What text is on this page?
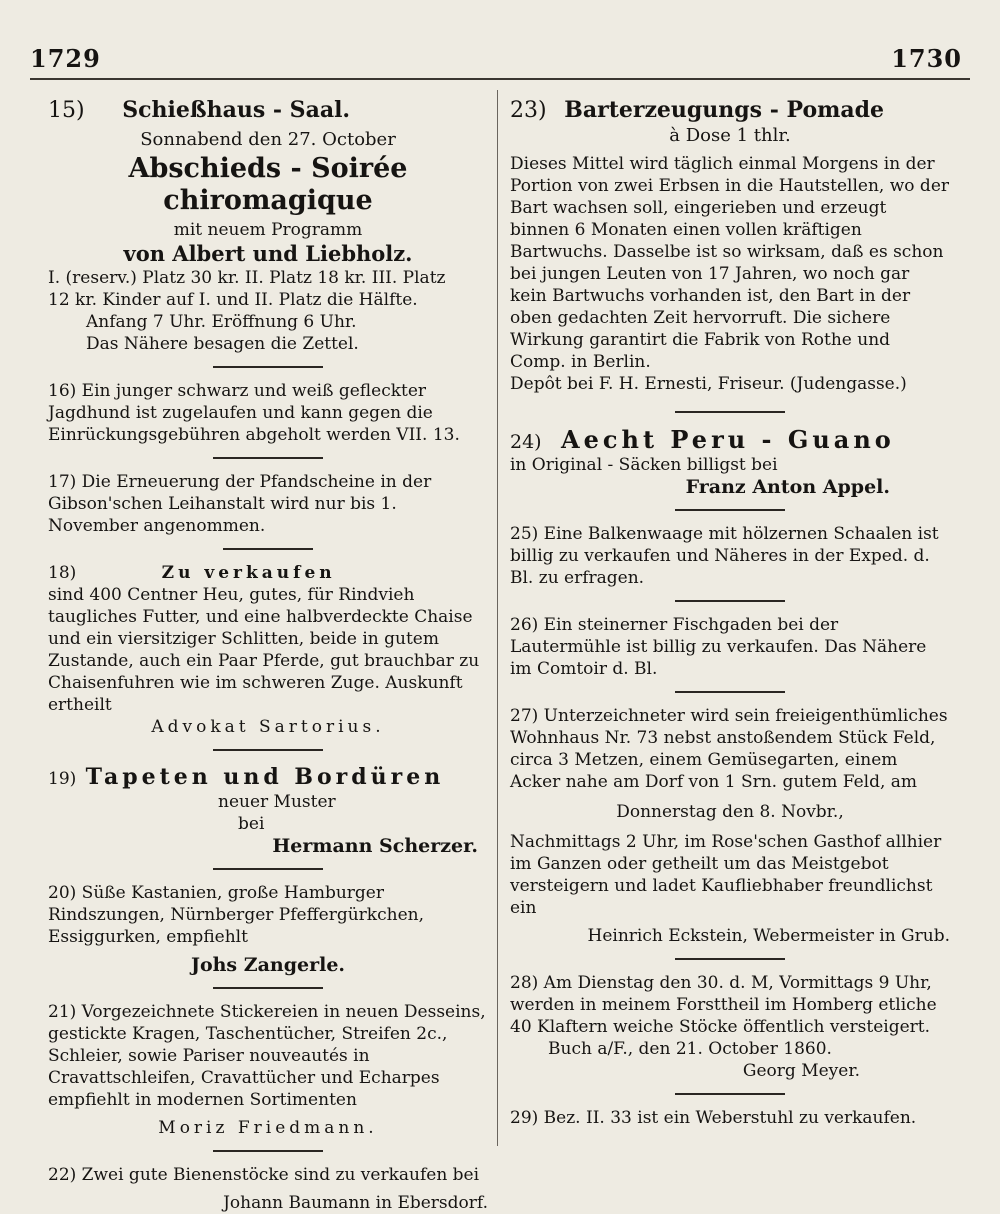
1729	1730

15) Schießhaus - Saal.

Sonnabend den 27. October

Abschieds - Soirée chiromagique

mit neuem Programm

von Albert und Liebholz.

I. (reserv.) Platz 30 kr. II. Platz 18 kr. III. Platz

12 kr. Kinder auf I. und II. Platz die Hälfte.

Anfang 7 Uhr. Eröffnung 6 Uhr.

Das Nähere besagen die Zettel.

16) Ein junger schwarz und weiß gefleckter Jagdhund ist zugelaufen und kann gegen die Einrückungsgebühren abgeholt werden VII. 13.

17) Die Erneuerung der Pfandscheine in der Gibson'schen Leihanstalt wird nur bis 1. November angenommen.

18)	Zu verkaufen

sind 400 Centner Heu, gutes, für Rindvieh taugliches Futter, und eine halbverdeckte Chaise und ein viersitziger Schlitten, beide in gutem Zustande, auch ein Paar Pferde, gut brauchbar zu Chaisenfuhren wie im schweren Zuge. Auskunft ertheilt

Advokat Sartorius.

19) Tapeten und Bordüren

neuer Muster

bei

Hermann Scherzer.

20) Süße Kastanien, große Hamburger Rindszungen, Nürnberger Pfeffergürkchen, Essiggurken, empfiehlt

Johs Zangerle.

21) Vorgezeichnete Stickereien in neuen Desseins, gestickte Kragen, Taschentücher, Streifen 2c., Schleier, sowie Pariser nouveautés in Cravattschleifen, Cravattücher und Echarpes empfiehlt in modernen Sortimenten

Moriz Friedmann.

22) Zwei gute Bienenstöcke sind zu verkaufen bei

Johann Baumann in Ebersdorf.

23) Barterzeugungs - Pomade

à Dose 1 thlr.

Dieses Mittel wird täglich einmal Morgens in der Portion von zwei Erbsen in die Hautstellen, wo der Bart wachsen soll, eingerieben und erzeugt binnen 6 Monaten einen vollen kräftigen Bartwuchs. Dasselbe ist so wirksam, daß es schon bei jungen Leuten von 17 Jahren, wo noch gar kein Bartwuchs vorhanden ist, den Bart in der oben gedachten Zeit hervorruft. Die sichere Wirkung garantirt die Fabrik von Rothe und Comp. in Berlin.

Depôt bei F. H. Ernesti, Friseur. (Judengasse.)

24) Aecht Peru - Guano

in Original - Säcken billigst bei

Franz Anton Appel.

25) Eine Balkenwaage mit hölzernen Schaalen ist billig zu verkaufen und Näheres in der Exped. d. Bl. zu erfragen.

26) Ein steinerner Fischgaden bei der Lautermühle ist billig zu verkaufen. Das Nähere im Comtoir d. Bl.

27) Unterzeichneter wird sein freieigenthümliches Wohnhaus Nr. 73 nebst anstoßendem Stück Feld, circa 3 Metzen, einem Gemüsegarten, einem Acker nahe am Dorf von 1 Srn. gutem Feld, am

Donnerstag den 8. Novbr.,

Nachmittags 2 Uhr, im Rose'schen Gasthof allhier im Ganzen oder getheilt um das Meistgebot versteigern und ladet Kaufliebhaber freundlichst ein

Heinrich Eckstein, Webermeister in Grub.

28) Am Dienstag den 30. d. M, Vormittags 9 Uhr, werden in meinem Forsttheil im Homberg etliche 40 Klaftern weiche Stöcke öffentlich versteigert.

Buch a/F., den 21. October 1860.

Georg Meyer.

29) Bez. II. 33 ist ein Weberstuhl zu verkaufen.
